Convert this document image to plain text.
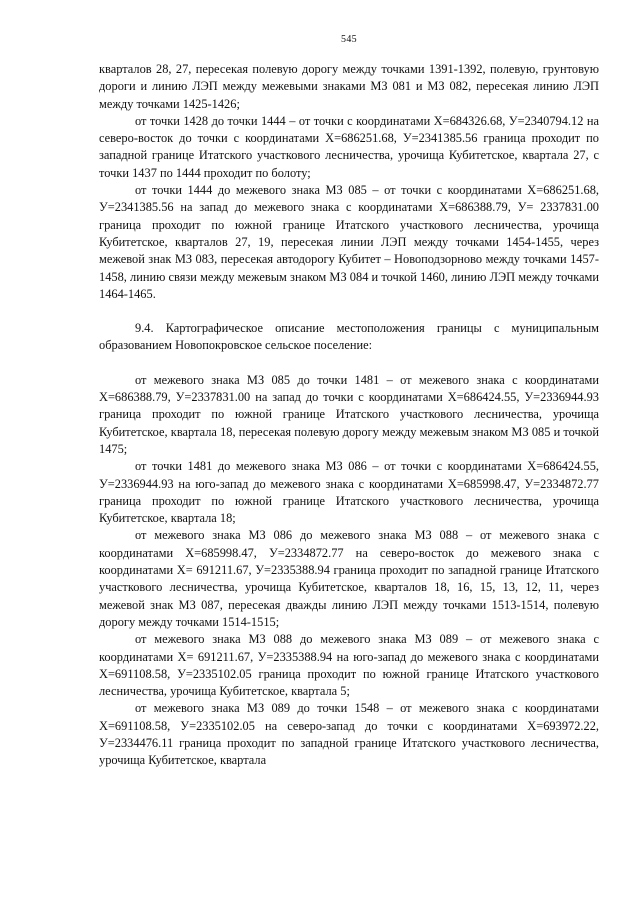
545

кварталов 28, 27, пересекая полевую дорогу между точками 1391-1392, полевую, грунтовую дороги и линию ЛЭП между межевыми знаками МЗ 081 и МЗ 082, пересекая линию ЛЭП между точками 1425-1426;

от точки 1428 до точки 1444 – от точки с координатами X=684326.68, У=2340794.12 на северо-восток до точки с координатами X=686251.68, У=2341385.56 граница проходит по западной границе Итатского участкового лесничества, урочища Кубитетское, квартала 27, с точки 1437 по 1444 проходит по болоту;

от точки 1444 до межевого знака МЗ 085 – от точки с координатами X=686251.68, У=2341385.56 на запад до межевого знака с координатами X=686388.79, У= 2337831.00 граница проходит по южной границе Итатского участкового лесничества, урочища Кубитетское, кварталов 27, 19, пересекая линии ЛЭП между точками 1454-1455, через межевой знак МЗ 083, пересекая автодорогу Кубитет – Новоподзорново между точками 1457-1458, линию связи между межевым знаком МЗ 084 и точкой 1460, линию ЛЭП между точками 1464-1465.

9.4. Картографическое описание местоположения границы с муниципальным образованием Новопокровское сельское поселение:

от межевого знака МЗ 085 до точки 1481 – от межевого знака с координатами X=686388.79, У=2337831.00 на запад до точки с координатами X=686424.55, У=2336944.93 граница проходит по южной границе Итатского участкового лесничества, урочища Кубитетское, квартала 18, пересекая полевую дорогу между межевым знаком МЗ 085 и точкой 1475;

от точки 1481 до межевого знака МЗ 086 – от точки с координатами X=686424.55, У=2336944.93 на юго-запад до межевого знака с координатами X=685998.47, У=2334872.77 граница проходит по южной границе Итатского участкового лесничества, урочища Кубитетское, квартала 18;

от межевого знака МЗ 086 до межевого знака МЗ 088 – от межевого знака с координатами X=685998.47, У=2334872.77 на северо-восток до межевого знака с координатами X= 691211.67, У=2335388.94 граница проходит по западной границе Итатского участкового лесничества, урочища Кубитетское, кварталов 18, 16, 15, 13, 12, 11, через межевой знак МЗ 087, пересекая дважды линию ЛЭП между точками 1513-1514, полевую дорогу между точками 1514-1515;

от межевого знака МЗ 088 до межевого знака МЗ 089 – от межевого знака с координатами X= 691211.67, У=2335388.94 на юго-запад до межевого знака с координатами X=691108.58, У=2335102.05 граница проходит по южной границе Итатского участкового лесничества, урочища Кубитетское, квартала 5;

от межевого знака МЗ 089 до точки 1548 – от межевого знака с координатами X=691108.58, У=2335102.05 на северо-запад до точки с координатами X=693972.22, У=2334476.11 граница проходит по западной границе Итатского участкового лесничества, урочища Кубитетское, квартала
